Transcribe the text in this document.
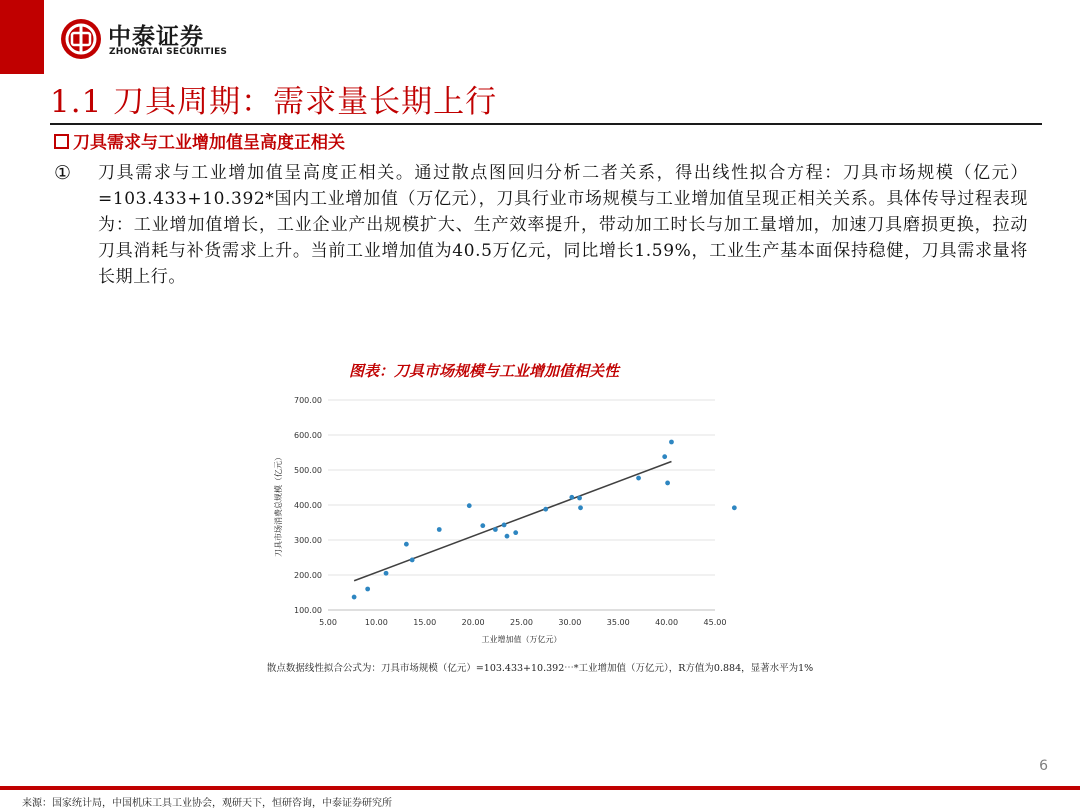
中泰证券
ZHONGTAI SECURITIES
1.1 刀具周期：需求量长期上行
刀具需求与工业增加值呈高度正相关
① 刀具需求与工业增加值呈高度正相关。通过散点图回归分析二者关系，得出线性拟合方程：刀具市场规模（亿元）=103.433+10.392*国内工业增加值（万亿元），刀具行业市场规模与工业增加值呈现正相关关系。具体传导过程表现为：工业增加值增长，工业企业产出规模扩大、生产效率提升，带动加工时长与加工量增加，加速刀具磨损更换，拉动刀具消耗与补货需求上升。当前工业增加值为40.5万亿元，同比增长1.59%，工业生产基本面保持稳健，刀具需求量将长期上行。
图表：刀具市场规模与工业增加值相关性
100.00
200.00
300.00
400.00
500.00
600.00
700.00
5.00	10.00	15.00	20.00	25.00	30.00	35.00	40.00	45.00
工业增加值（万亿元）
刀具市场消费总规模（亿元）
散点数据线性拟合公式为：刀具市场规模（亿元）=103.433+10.392⋯*工业增加值（万亿元），R方值为0.884，显著水平为1%
6
来源：国家统计局，中国机床工具工业协会，观研天下，恒研咨询，中泰证券研究所
